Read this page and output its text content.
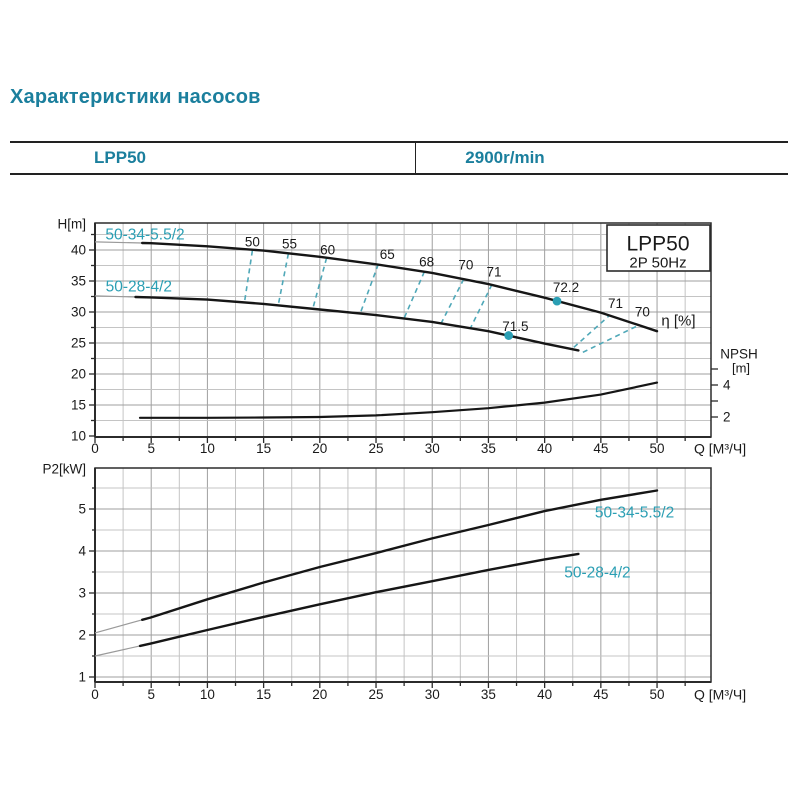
Характеристики насосов
LPP50	2900r/min
0	5	10	15	20	25	30	35	40	45	50
10
15
20
25
30
35
40
H[m]
Q [М³/Ч]
2
4
NPSH
[m]
50 55 60	65 68 70 71
71
70
η [%]
50-34-5.5/2
50-28-4/2	72.2
71.5
LPP50
2P 50Hz
0	5	10	15	20	25	30	35	40	45	50
1
2
3
4
5
P2[kW]
Q [М³/Ч]
50-34-5.5/2
50-28-4/2
